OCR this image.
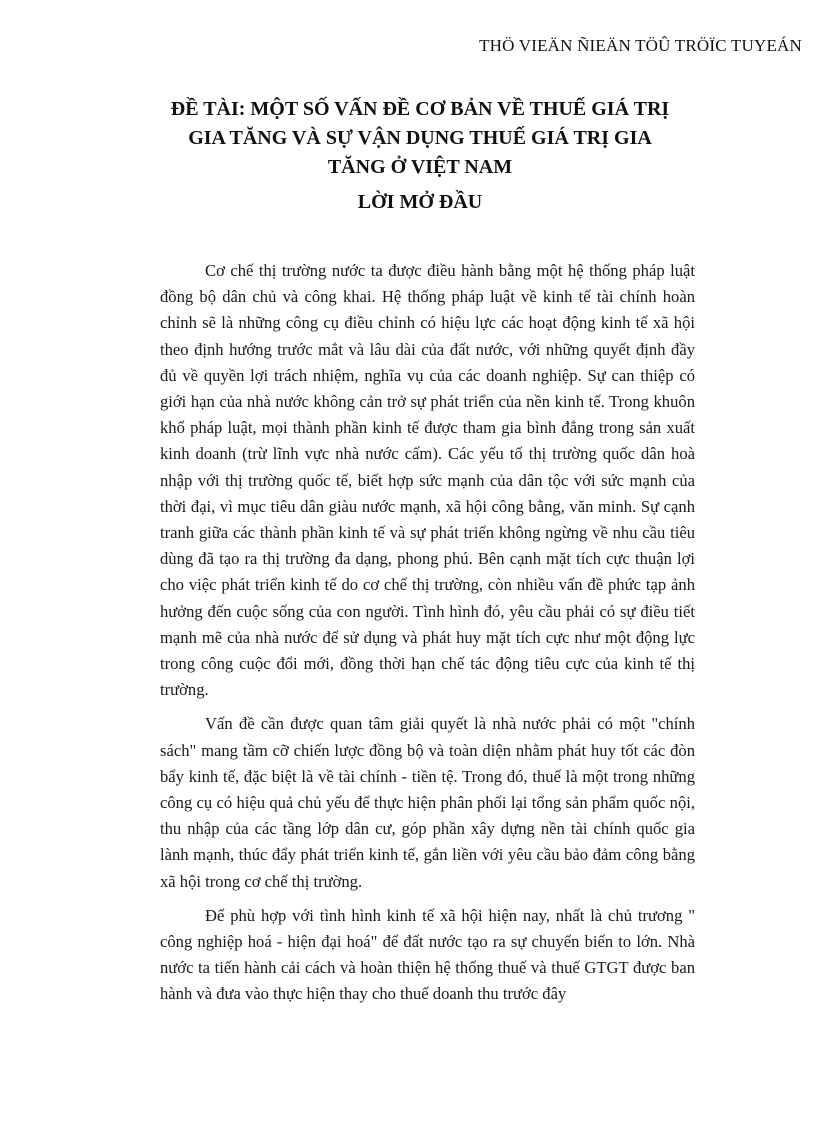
THÖ VIEÄN ÑIEÄN TÖÛ TRÖÏC TUYEÁN
ĐỀ TÀI: MỘT SỐ VẤN ĐỀ CƠ BẢN VỀ THUẾ GIÁ TRỊ
GIA TĂNG VÀ SỰ VẬN DỤNG THUẾ GIÁ TRỊ GIA
TĂNG Ở VIỆT NAM
LỜI MỞ ĐẦU

Cơ chế thị trường nước ta được điều hành bằng một hệ thống pháp luật đồng bộ dân chủ và công khai. Hệ thống pháp luật về kinh tế tài chính hoàn chỉnh sẽ là những công cụ điều chỉnh có hiệu lực các hoạt động kinh tế xã hội theo định hướng trước mắt và lâu dài của đất nước, với những quyết định đầy đủ về quyền lợi trách nhiệm, nghĩa vụ của các doanh nghiệp. Sự can thiệp có giới hạn của nhà nước không cản trở sự phát triển của nền kinh tế. Trong khuôn khổ pháp luật, mọi thành phần kinh tế được tham gia bình đẳng trong sản xuất kinh doanh (trừ lĩnh vực nhà nước cấm). Các yếu tố thị trường quốc dân hoà nhập với thị trường quốc tế, biết hợp sức mạnh của dân tộc với sức mạnh của thời đại, vì mục tiêu dân giàu nước mạnh, xã hội công bằng, văn minh. Sự cạnh tranh giữa các thành phần kinh tế và sự phát triển không ngừng về nhu cầu tiêu dùng đã tạo ra thị trường đa dạng, phong phú. Bên cạnh mặt tích cực thuận lợi cho việc phát triển kinh tế do cơ chế thị trường, còn nhiều vấn đề phức tạp ảnh hưởng đến cuộc sống của con người. Tình hình đó, yêu cầu phải có sự điều tiết mạnh mẽ của nhà nước để sử dụng và phát huy mặt tích cực như một động lực trong công cuộc đổi mới, đồng thời hạn chế tác động tiêu cực của kinh tế thị trường.

Vấn đề cần được quan tâm giải quyết là nhà nước phải có một "chính sách" mang tầm cỡ chiến lược đồng bộ và toàn diện nhằm phát huy tốt các đòn bẩy kinh tế, đặc biệt là về tài chính - tiền tệ. Trong đó, thuế là một trong những công cụ có hiệu quả chủ yếu để thực hiện phân phối lại tổng sản phẩm quốc nội, thu nhập của các tầng lớp dân cư, góp phần xây dựng nền tài chính quốc gia lành mạnh, thúc đẩy phát triển kinh tế, gắn liền với yêu cầu bảo đảm công bằng xã hội trong cơ chế thị trường.

Để phù hợp với tình hình kinh tế xã hội hiện nay, nhất là chủ trương " công nghiệp hoá - hiện đại hoá" để đất nước tạo ra sự chuyển biến to lớn. Nhà nước ta tiến hành cải cách và hoàn thiện hệ thống thuế và thuế GTGT được ban hành và đưa vào thực hiện thay cho thuế doanh thu trước đây
